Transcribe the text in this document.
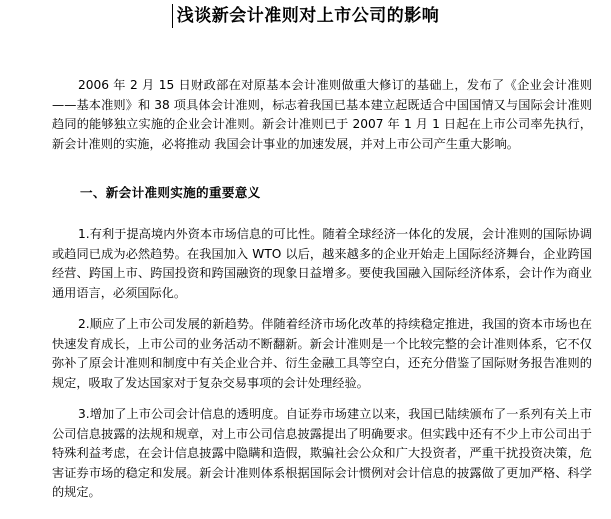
浅谈新会计准则对上市公司的影响

2006 年 2 月 15 日财政部在对原基本会计准则做重大修订的基础上，发布了《企业会计准则——基本准则》和 38 项具体会计准则，标志着我国已基本建立起既适合中国国情又与国际会计准则趋同的能够独立实施的企业会计准则。新会计准则已于 2007 年 1 月 1 日起在上市公司率先执行，新会计准则的实施，必将推动 我国会计事业的加速发展，并对上市公司产生重大影响。

一、新会计准则实施的重要意义

1.有利于提高境内外资本市场信息的可比性。随着全球经济一体化的发展，会计准则的国际协调或趋同已成为必然趋势。在我国加入 WTO 以后，越来越多的企业开始走上国际经济舞台，企业跨国经营、跨国上市、跨国投资和跨国融资的现象日益增多。要使我国融入国际经济体系，会计作为商业通用语言，必须国际化。

2.顺应了上市公司发展的新趋势。伴随着经济市场化改革的持续稳定推进，我国的资本市场也在快速发育成长，上市公司的业务活动不断翻新。新会计准则是一个比较完整的会计准则体系，它不仅弥补了原会计准则和制度中有关企业合并、衍生金融工具等空白，还充分借鉴了国际财务报告准则的规定，吸取了发达国家对于复杂交易事项的会计处理经验。

3.增加了上市公司会计信息的透明度。自证券市场建立以来，我国已陆续颁布了一系列有关上市公司信息披露的法规和规章，对上市公司信息披露提出了明确要求。但实践中还有不少上市公司出于特殊利益考虑，在会计信息披露中隐瞒和造假，欺骗社会公众和广大投资者，严重干扰投资决策，危害证券市场的稳定和发展。新会计准则体系根据国际会计惯例对会计信息的披露做了更加严格、科学的规定。
